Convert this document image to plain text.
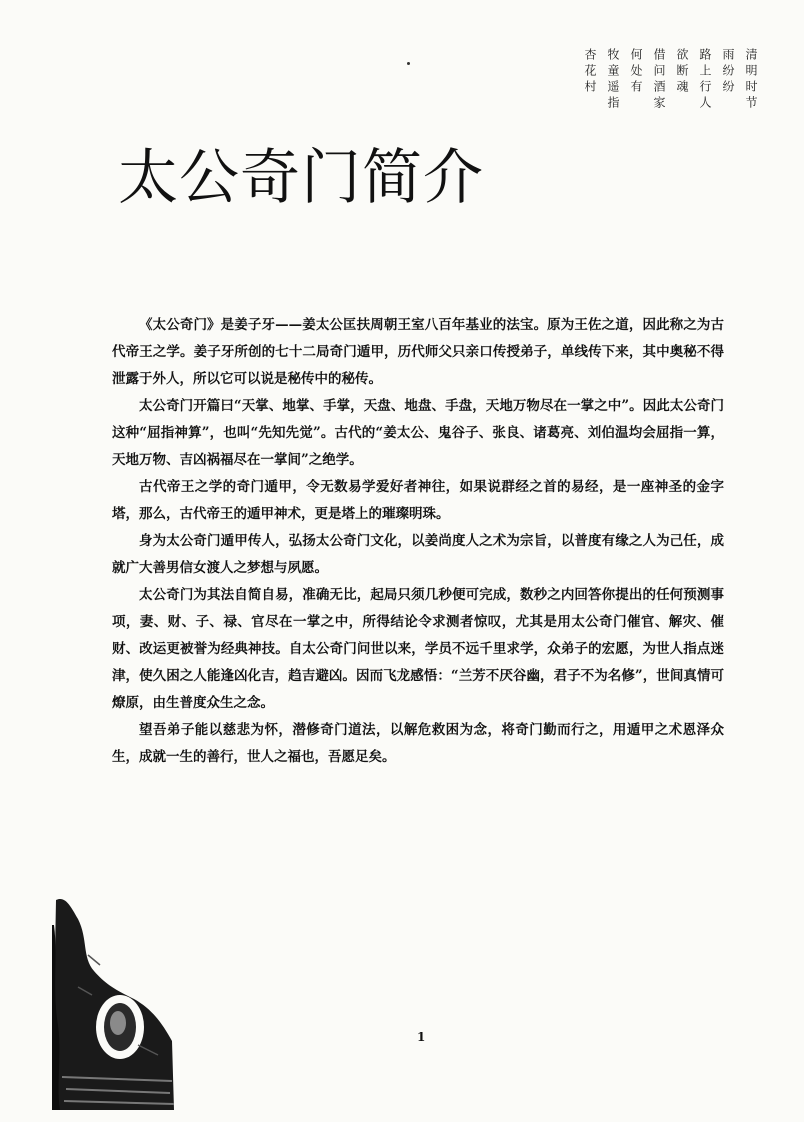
清明时节
雨纷纷
路上行人
欲断魂
借问酒家
何处有
牧童遥指
杏花村
太公奇门简介

《太公奇门》是姜子牙——姜太公匡扶周朝王室八百年基业的法宝。原为王佐之道，因此称之为古代帝王之学。姜子牙所创的七十二局奇门遁甲，历代师父只亲口传授弟子，单线传下来，其中奥秘不得泄露于外人，所以它可以说是秘传中的秘传。

太公奇门开篇曰“天掌、地掌、手掌，天盘、地盘、手盘，天地万物尽在一掌之中”。因此太公奇门这种“屈指神算”，也叫“先知先觉”。古代的“姜太公、鬼谷子、张良、诸葛亮、刘伯温均会屈指一算，天地万物、吉凶祸福尽在一掌间”之绝学。

古代帝王之学的奇门遁甲，令无数易学爱好者神往，如果说群经之首的易经，是一座神圣的金字塔，那么，古代帝王的遁甲神术，更是塔上的璀璨明珠。

身为太公奇门遁甲传人，弘扬太公奇门文化，以姜尚度人之术为宗旨，以普度有缘之人为己任，成就广大善男信女渡人之梦想与夙愿。

太公奇门为其法自简自易，准确无比，起局只须几秒便可完成，数秒之内回答你提出的任何预测事项，妻、财、子、禄、官尽在一掌之中，所得结论令求测者惊叹，尤其是用太公奇门催官、解灾、催财、改运更被誉为经典神技。自太公奇门问世以来，学员不远千里求学，众弟子的宏愿，为世人指点迷津，使久困之人能逢凶化吉，趋吉避凶。因而飞龙感悟：“兰芳不厌谷幽，君子不为名修”，世间真情可燎原，由生普度众生之念。

望吾弟子能以慈悲为怀，潜修奇门道法，以解危救困为念，将奇门勤而行之，用遁甲之术恩泽众生，成就一生的善行，世人之福也，吾愿足矣。

1
